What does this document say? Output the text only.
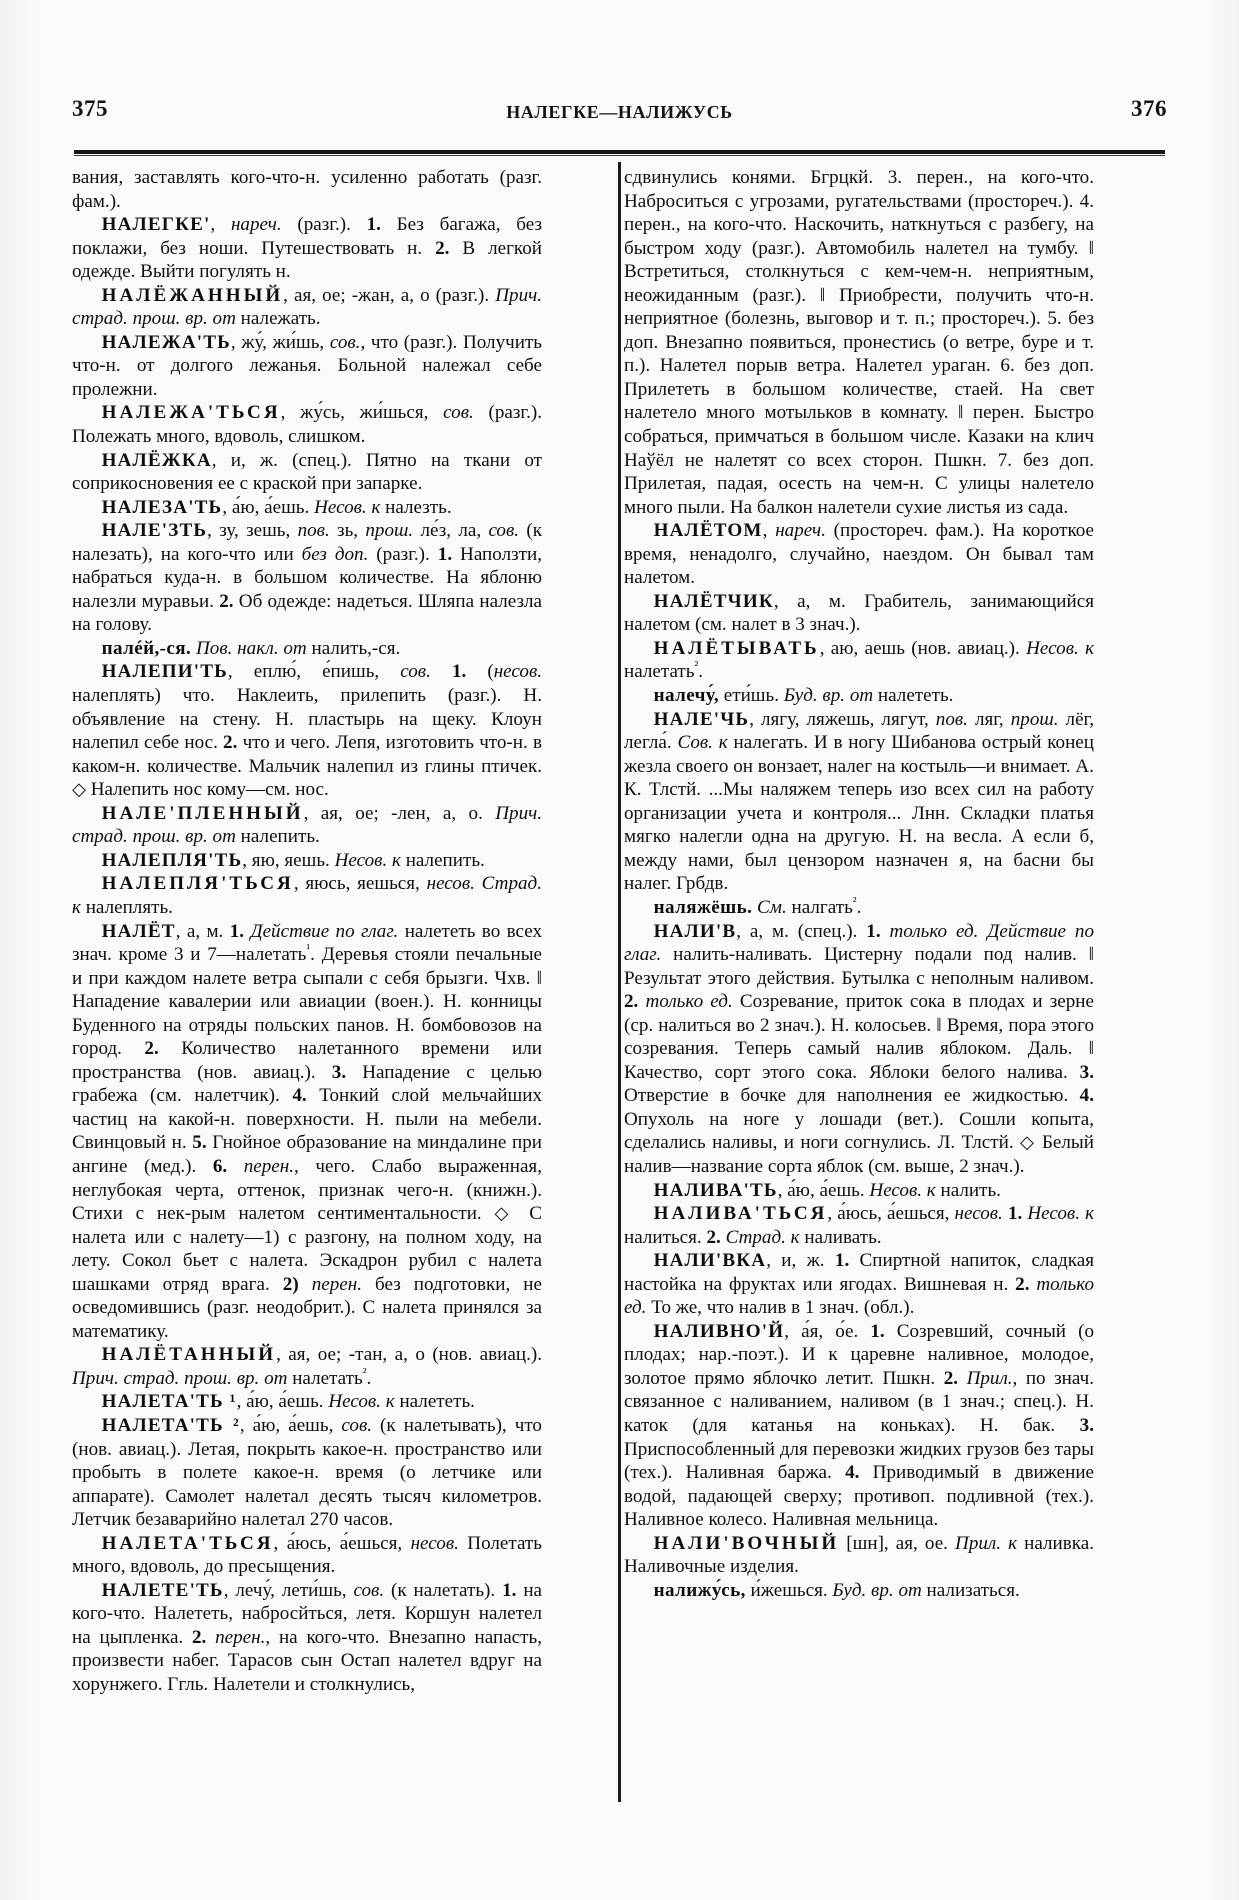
375	НАЛЕГКЕ—НАЛИЖУСЬ	376

вания, заставлять кого-что-н. усиленно работать (разг. фам.).

НАЛЕГКЕ', нареч. (разг.). 1. Без багажа, без поклажи, без ноши. Путешествовать н. 2. В легкой одежде. Выйти погулять н.

НАЛЁЖАННЫЙ, ая, ое; -жан, а, о (разг.). Прич. страд. прош. вр. от належать.

НАЛЕЖА'ТЬ, жу́, жи́шь, сов., что (разг.). Получить что-н. от долгого лежанья. Больной належал себе пролежни.

НАЛЕЖА'ТЬСЯ, жу́сь, жи́шься, сов. (разг.). Полежать много, вдоволь, слишком.

НАЛЁЖКА, и, ж. (спец.). Пятно на ткани от соприкосновения ее с краской при запарке.

НАЛЕЗА'ТЬ, а́ю, а́ешь. Несов. к налезть.

НАЛЕ'ЗТЬ, зу, зешь, пов. зь, прош. ле́з, ла, сов. (к налезать), на кого-что или без доп. (разг.). 1. Наползти, набраться куда-н. в большом количестве. На яблоню налезли муравьи. 2. Об одежде: надеться. Шляпа налезла на голову.

палéй,-ся. Пов. накл. от налить,-ся.

НАЛЕПИ'ТЬ, еплю́, е́пишь, сов. 1. (несов. налеплять) что. Наклеить, прилепить (разг.). Н. объявление на стену. Н. пластырь на щеку. Клоун налепил себе нос. 2. что и чего. Лепя, изготовить что-н. в каком-н. количестве. Мальчик налепил из глины птичек. ◇ Налепить нос кому—см. нос.

НАЛЕ'ПЛЕННЫЙ, ая, ое; -лен, а, о. Прич. страд. прош. вр. от налепить.

НАЛЕПЛЯ'ТЬ, яю, яешь. Несов. к налепить.

НАЛЕПЛЯ'ТЬСЯ, яюсь, яешься, несов. Страд. к налеплять.

НАЛЁТ, а, м. 1. Действие по глаг. налететь во всех знач. кроме 3 и 7—налетать$^{^1}$. Деревья стояли печальные и при каждом налете ветра сыпали с себя брызги. Чхв. ‖ Нападение кавалерии или авиации (воен.). Н. конницы Буденного на отряды польских панов. Н. бомбовозов на город. 2. Количество налетанного времени или пространства (нов. авиац.). 3. Нападение с целью грабежа (см. налетчик). 4. Тонкий слой мельчайших частиц на какой-н. поверхности. Н. пыли на мебели. Свинцовый н. 5. Гнойное образование на миндалине при ангине (мед.). 6. перен., чего. Слабо выраженная, неглубокая черта, оттенок, признак чего-н. (книжн.). Стихи с нек-рым налетом сентиментальности. ◇ С налета или с налету—1) с разгону, на полном ходу, на лету. Сокол бьет с налета. Эскадрон рубил с налета шашками отряд врага. 2) перен. без подготовки, не осведомившись (разг. неодобрит.). С налета принялся за математику.

НАЛЁТАННЫЙ, ая, ое; -тан, а, о (нов. авиац.). Прич. страд. прош. вр. от налетать$^{^2}$.

НАЛЕТА'ТЬ ¹, а́ю, а́ешь. Несов. к налететь.

НАЛЕТА'ТЬ ², а́ю, а́ешь, сов. (к налетывать), что (нов. авиац.). Летая, покрыть какое-н. пространство или пробыть в полете какое-н. время (о летчике или аппарате). Самолет налетал десять тысяч километров. Летчик безаварийно налетал 270 часов.

НАЛЕТА'ТЬСЯ, а́юсь, а́ешься, несов. Полетать много, вдоволь, до пресыщения.

НАЛЕТЕ'ТЬ, лечу́, лети́шь, сов. (к налетать). 1. на кого-что. Налететь, набросйться, летя. Коршун налетел на цыпленка. 2. перен., на кого-что. Внезапно напасть, произвести набег. Тарасов сын Остап налетел вдруг на хорунжего. Ггль. Налетели и столкнулись,

сдвинулись конями. Бгрцкй. 3. перен., на кого-что. Наброситься с угрозами, ругательствами (простореч.). 4. перен., на кого-что. Наскочить, наткнуться с разбегу, на быстром ходу (разг.). Автомобиль налетел на тумбу. ‖ Встретиться, столкнуться с кем-чем-н. неприятным, неожиданным (разг.). ‖ Приобрести, получить что-н. неприятное (болезнь, выговор и т. п.; простореч.). 5. без доп. Внезапно появиться, пронестись (о ветре, буре и т. п.). Налетел порыв ветра. Налетел ураган. 6. без доп. Прилететь в большом количестве, стаей. На свет налетело много мотыльков в комнату. ‖ перен. Быстро собраться, примчаться в большом числе. Казаки на клич Наўёл не налетят со всех сторон. Пшкн. 7. без доп. Прилетая, падая, осесть на чем-н. С улицы налетело много пыли. На балкон налетели сухие листья из сада.

НАЛЁТОМ, нареч. (простореч. фам.). На короткое время, ненадолго, случайно, наездом. Он бывал там налетом.

НАЛЁТЧИК, а, м. Грабитель, занимающийся налетом (см. налет в 3 знач.).

НАЛЁТЫВАТЬ, аю, аешь (нов. авиац.). Несов. к налетать$^{^2}$.

налечу́, ети́шь. Буд. вр. от налететь.

НАЛЕ'ЧЬ, лягу, ляжешь, лягут, пов. ляг, прош. лёг, легла́. Сов. к налегать. И в ногу Шибанова острый конец жезла своего он вонзает, налег на костыль—и внимает. А. К. Тлстй. ...Мы наляжем теперь изо всех сил на работу организации учета и контроля... Лнн. Складки платья мягко налегли одна на другую. Н. на весла. А если б, между нами, был цензором назначен я, на басни бы налег. Грбдв.

наляжёшь. См. налгать$^{^2}$.

НАЛИ'В, а, м. (спец.). 1. только ед. Действие по глаг. налить-наливать. Цистерну подали под налив. ‖ Результат этого действия. Бутылка с неполным наливом. 2. только ед. Созревание, приток сока в плодах и зерне (ср. налиться во 2 знач.). Н. колосьев. ‖ Время, пора этого созревания. Теперь самый налив яблоком. Даль. ‖ Качество, сорт этого сока. Яблоки белого налива. 3. Отверстие в бочке для наполнения ее жидкостью. 4. Опухоль на ноге у лошади (вет.). Сошли копыта, сделались наливы, и ноги согнулись. Л. Тлстй. ◇ Белый налив—название сорта яблок (см. выше, 2 знач.).

НАЛИВА'ТЬ, а́ю, а́ешь. Несов. к налить.

НАЛИВА'ТЬСЯ, а́юсь, а́ешься, несов. 1. Несов. к налиться. 2. Страд. к наливать.

НАЛИ'ВКА, и, ж. 1. Спиртной напиток, сладкая настойка на фруктах или ягодах. Вишневая н. 2. только ед. То же, что налив в 1 знач. (обл.).

НАЛИВНО'Й, а́я, о́е. 1. Созревший, сочный (о плодах; нар.-поэт.). И к царевне наливное, молодое, золотое прямо яблочко летит. Пшкн. 2. Прил., по знач. связанное с наливанием, наливом (в 1 знач.; спец.). Н. каток (для катанья на коньках). Н. бак. 3. Приспособленный для перевозки жидких грузов без тары (тех.). Наливная баржа. 4. Приводимый в движение водой, падающей сверху; противоп. подливной (тех.). Наливное колесо. Наливная мельница.

НАЛИ'ВОЧНЫЙ [шн], ая, ое. Прил. к наливка. Наливочные изделия.

налижу́сь, и́жешься. Буд. вр. от нализаться.
